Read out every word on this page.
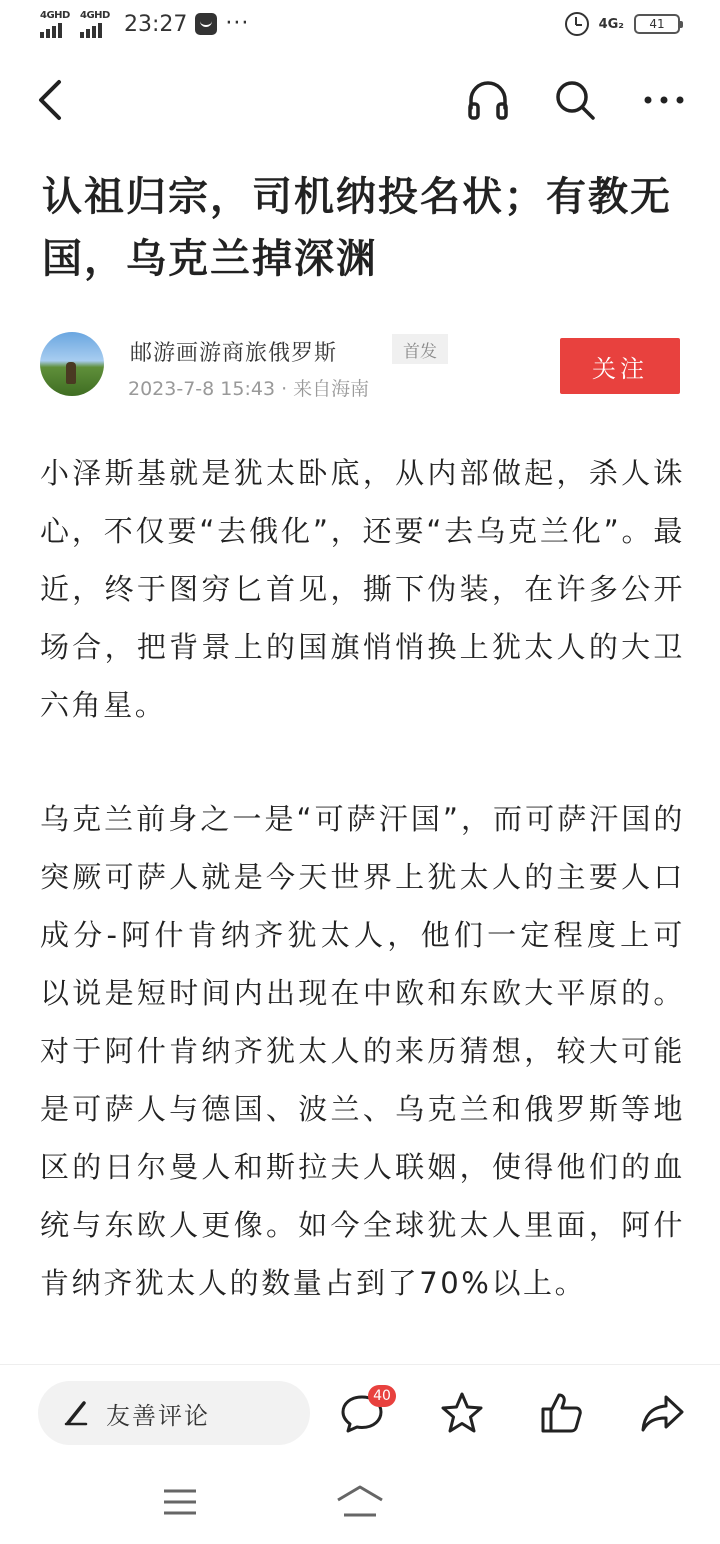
4GHD 4GHD 23:27 ···	4G₂ 41
认祖归宗，司机纳投名状；有教无国，乌克兰掉深渊
邮游画游商旅俄罗斯	首发
2023-7-8 15:43 · 来自海南
关注

小泽斯基就是犹太卧底，从内部做起，杀人诛心，不仅要“去俄化”，还要“去乌克兰化”。最近，终于图穷匕首见，撕下伪装，在许多公开场合，把背景上的国旗悄悄换上犹太人的大卫六角星。

乌克兰前身之一是“可萨汗国”，而可萨汗国的突厥可萨人就是今天世界上犹太人的主要人口成分-阿什肯纳齐犹太人，他们一定程度上可以说是短时间内出现在中欧和东欧大平原的。对于阿什肯纳齐犹太人的来历猜想，较大可能是可萨人与德国、波兰、乌克兰和俄罗斯等地区的日尔曼人和斯拉夫人联姻，使得他们的血统与东欧人更像。如今全球犹太人里面，阿什肯纳齐犹太人的数量占到了70%以上。

友善评论
40
